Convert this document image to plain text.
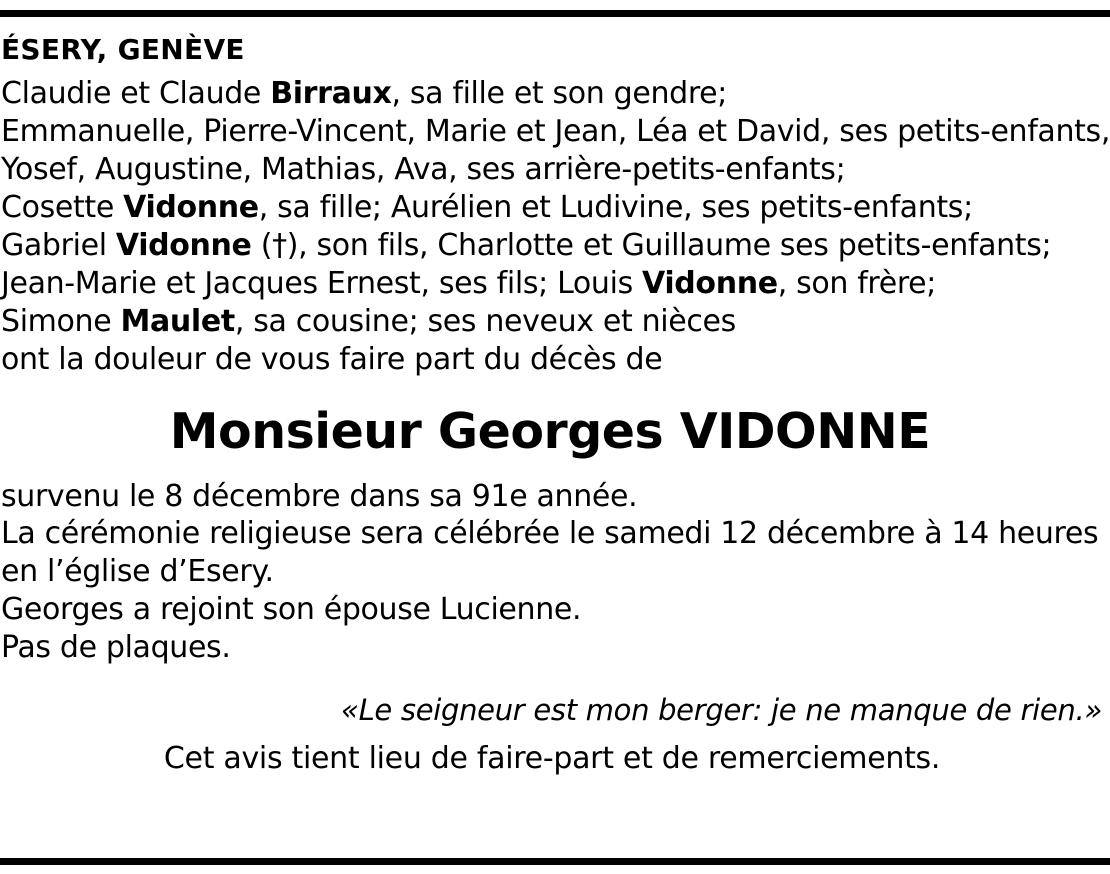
ÉSERY, GENÈVE
Claudie et Claude Birraux, sa fille et son gendre;
Emmanuelle, Pierre-Vincent, Marie et Jean, Léa et David, ses petits-enfants,
Yosef, Augustine, Mathias, Ava, ses arrière-petits-enfants;
Cosette Vidonne, sa fille; Aurélien et Ludivine, ses petits-enfants;
Gabriel Vidonne (†), son fils, Charlotte et Guillaume ses petits-enfants;
Jean-Marie et Jacques Ernest, ses fils; Louis Vidonne, son frère;
Simone Maulet, sa cousine; ses neveux et nièces
ont la douleur de vous faire part du décès de
Monsieur Georges VIDONNE
survenu le 8 décembre dans sa 91e année.
La cérémonie religieuse sera célébrée le samedi 12 décembre à 14 heures
en l’église d’Esery.
Georges a rejoint son épouse Lucienne.
Pas de plaques.
«Le seigneur est mon berger: je ne manque de rien.»
Cet avis tient lieu de faire-part et de remerciements.
